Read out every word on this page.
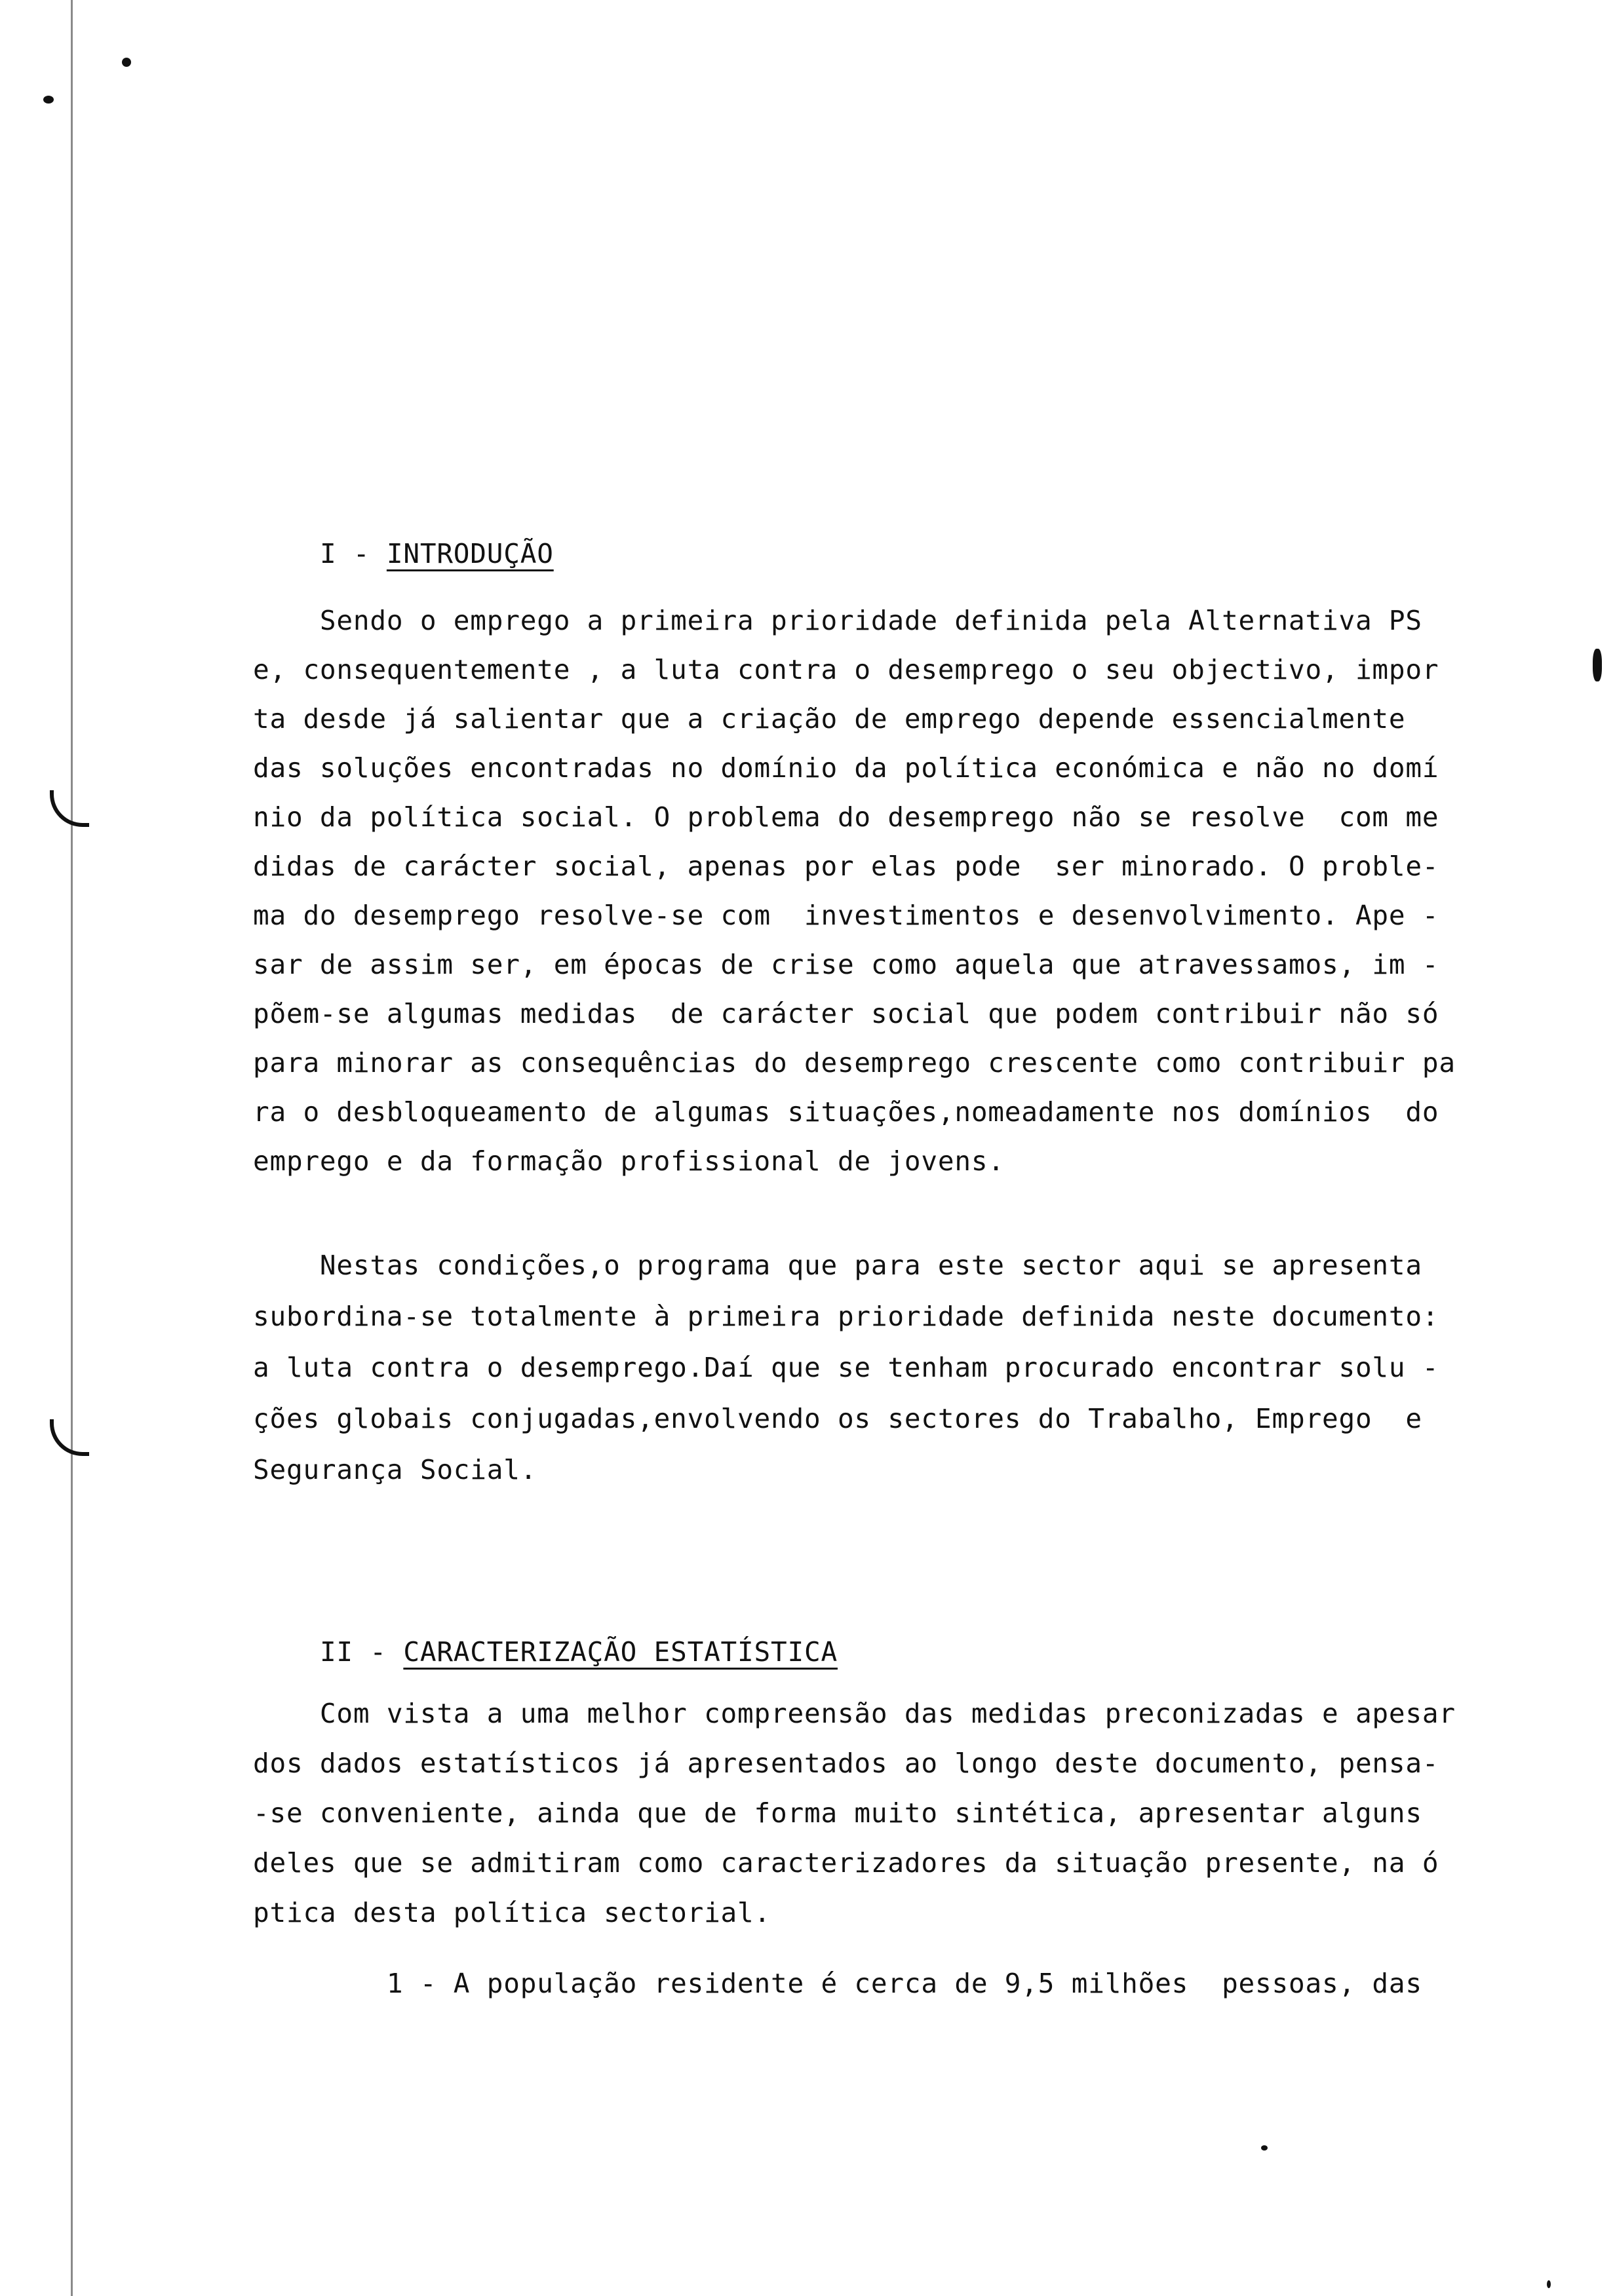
I - INTRODUÇÃO

Sendo o emprego a primeira prioridade definida pela Alternativa PS
e, consequentemente , a luta contra o desemprego o seu objectivo, impor
ta desde já salientar que a criação de emprego depende essencialmente
das soluções encontradas no domínio da política económica e não no domí
nio da política social. O problema do desemprego não se resolve  com me
didas de carácter social, apenas por elas pode  ser minorado. O proble-
ma do desemprego resolve-se com  investimentos e desenvolvimento. Ape -
sar de assim ser, em épocas de crise como aquela que atravessamos, im -
põem-se algumas medidas  de carácter social que podem contribuir não só
para minorar as consequências do desemprego crescente como contribuir pa
ra o desbloqueamento de algumas situações,nomeadamente nos domínios  do
emprego e da formação profissional de jovens.
Nestas condições,o programa que para este sector aqui se apresenta
subordina-se totalmente à primeira prioridade definida neste documento:
a luta contra o desemprego.Daí que se tenham procurado encontrar solu -
ções globais conjugadas,envolvendo os sectores do Trabalho, Emprego  e
Segurança Social.

II - CARACTERIZAÇÃO ESTATÍSTICA

Com vista a uma melhor compreensão das medidas preconizadas e apesar
dos dados estatísticos já apresentados ao longo deste documento, pensa-
-se conveniente, ainda que de forma muito sintética, apresentar alguns
deles que se admitiram como caracterizadores da situação presente, na ó
ptica desta política sectorial.
1 - A população residente é cerca de 9,5 milhões  pessoas, das
